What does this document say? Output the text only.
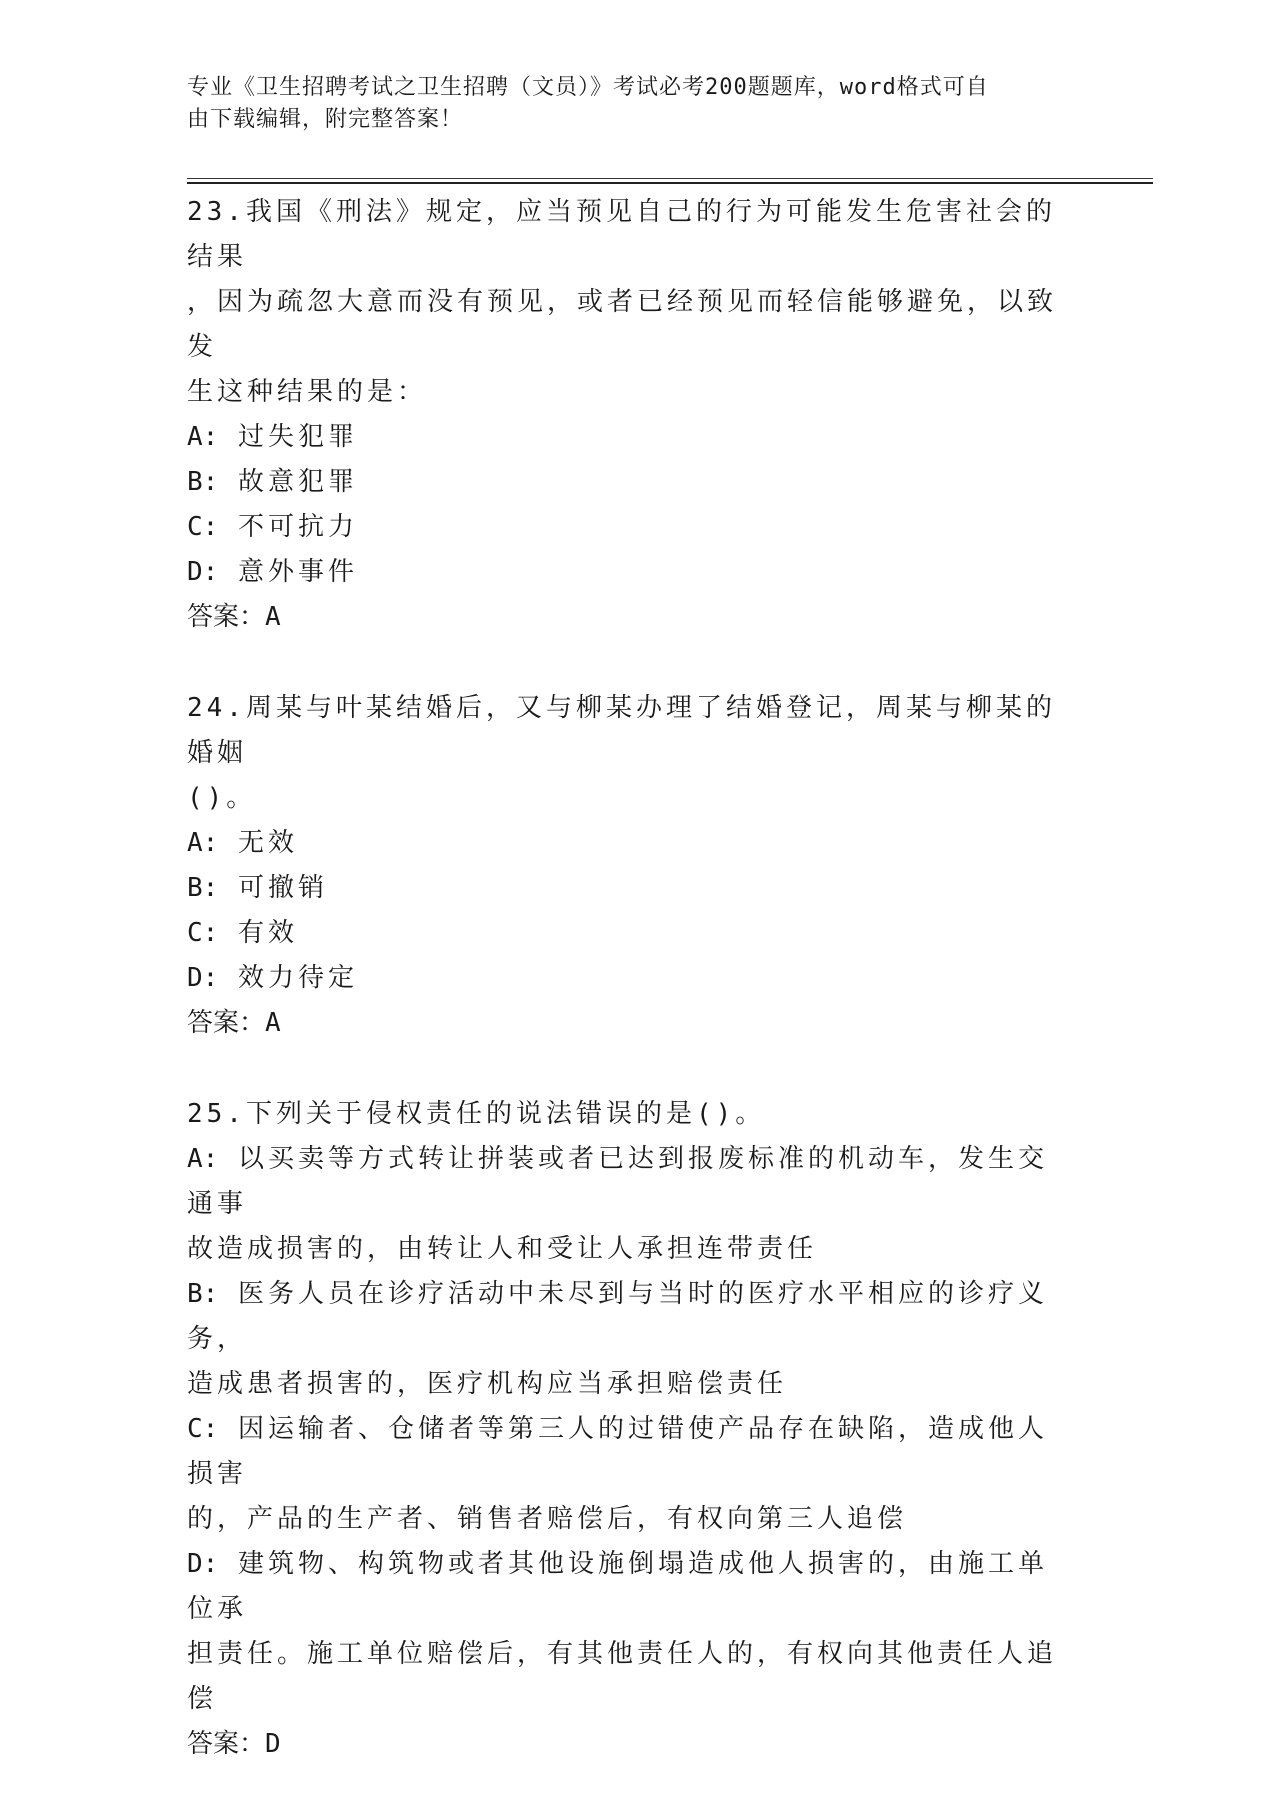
专业《卫生招聘考试之卫生招聘（文员）》考试必考200题题库，word格式可自
由下载编辑，附完整答案！

23.我国《刑法》规定，应当预见自己的行为可能发生危害社会的结果

，因为疏忽大意而没有预见，或者已经预见而轻信能够避免，以致发

生这种结果的是：

A: 过失犯罪

B: 故意犯罪

C: 不可抗力

D: 意外事件

答案：A

24.周某与叶某结婚后，又与柳某办理了结婚登记，周某与柳某的婚姻

()。

A: 无效

B: 可撤销

C: 有效

D: 效力待定

答案：A

25.下列关于侵权责任的说法错误的是()。

A: 以买卖等方式转让拼装或者已达到报废标准的机动车，发生交通事

故造成损害的，由转让人和受让人承担连带责任

B: 医务人员在诊疗活动中未尽到与当时的医疗水平相应的诊疗义务，

造成患者损害的，医疗机构应当承担赔偿责任

C: 因运输者、仓储者等第三人的过错使产品存在缺陷，造成他人损害

的，产品的生产者、销售者赔偿后，有权向第三人追偿

D: 建筑物、构筑物或者其他设施倒塌造成他人损害的，由施工单位承

担责任。施工单位赔偿后，有其他责任人的，有权向其他责任人追偿

答案：D
